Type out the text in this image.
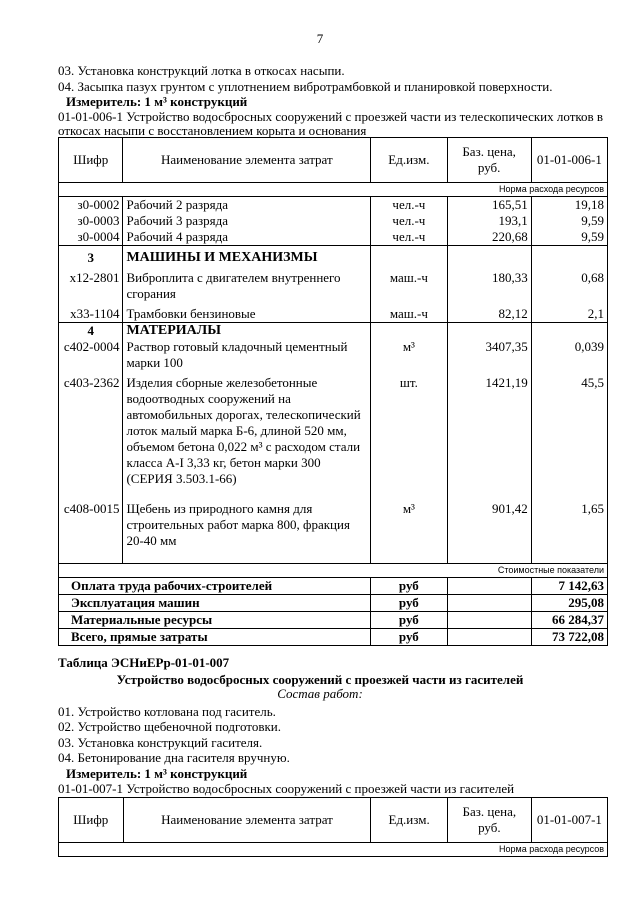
7
03. Установка конструкций лотка в откосах насыпи.
04. Засыпка пазух грунтом с уплотнением вибротрамбовкой и планировкой поверхности.
Измеритель: 1 м³ конструкций
01-01-006-1 Устройство водосбросных сооружений с проезжей части из телескопических лотков в
откосах насыпи с восстановлением корыта и основания
Шифр	Наименование элемента затрат	Ед.изм.	Баз. цена, руб.	01-01-006-1
Норма расхода ресурсов				
з0-0002	Рабочий 2 разряда	чел.-ч	165,51	19,18
з0-0003	Рабочий 3 разряда	чел.-ч	193,1	9,59
з0-0004	Рабочий 4 разряда	чел.-ч	220,68	9,59
3	МАШИНЫ И МЕХАНИЗМЫ			
х12-2801	Виброплита с двигателем внутреннего сгорания	маш.-ч	180,33	0,68
х33-1104	Трамбовки бензиновые	маш.-ч	82,12	2,1
4	МАТЕРИАЛЫ			
с402-0004	Раствор готовый кладочный цементный марки 100	м³	3407,35	0,039
с403-2362	Изделия сборные железобетонные водоотводных сооружений на автомобильных дорогах, телескопический лоток малый марка Б-6, длиной 520 мм, объемом бетона 0,022 м³ с расходом стали класса А-I 3,33 кг, бетон марки 300 (СЕРИЯ 3.503.1-66)	шт.	1421,19	45,5
с408-0015	Щебень из природного камня для строительных работ марка 800, фракция 20-40 мм	м³	901,42	1,65

Стоимостные показатели				
Оплата труда рабочих-строителей		руб		7 142,63
Эксплуатация машин		руб		295,08
Материальные ресурсы		руб		66 284,37
Всего, прямые затраты		руб		73 722,08
Таблица ЭСНиЕРр-01-01-007
Устройство водосбросных сооружений с проезжей части из гасителей
Состав работ:
01. Устройство котлована под гаситель.
02. Устройство щебеночной подготовки.
03. Установка конструкций гасителя.
04. Бетонирование дна гасителя вручную.
Измеритель: 1 м³ конструкций
01-01-007-1 Устройство водосбросных сооружений с проезжей части из гасителей
Шифр	Наименование элемента затрат	Ед.изм.	Баз. цена, руб.	01-01-007-1
Норма расхода ресурсов
